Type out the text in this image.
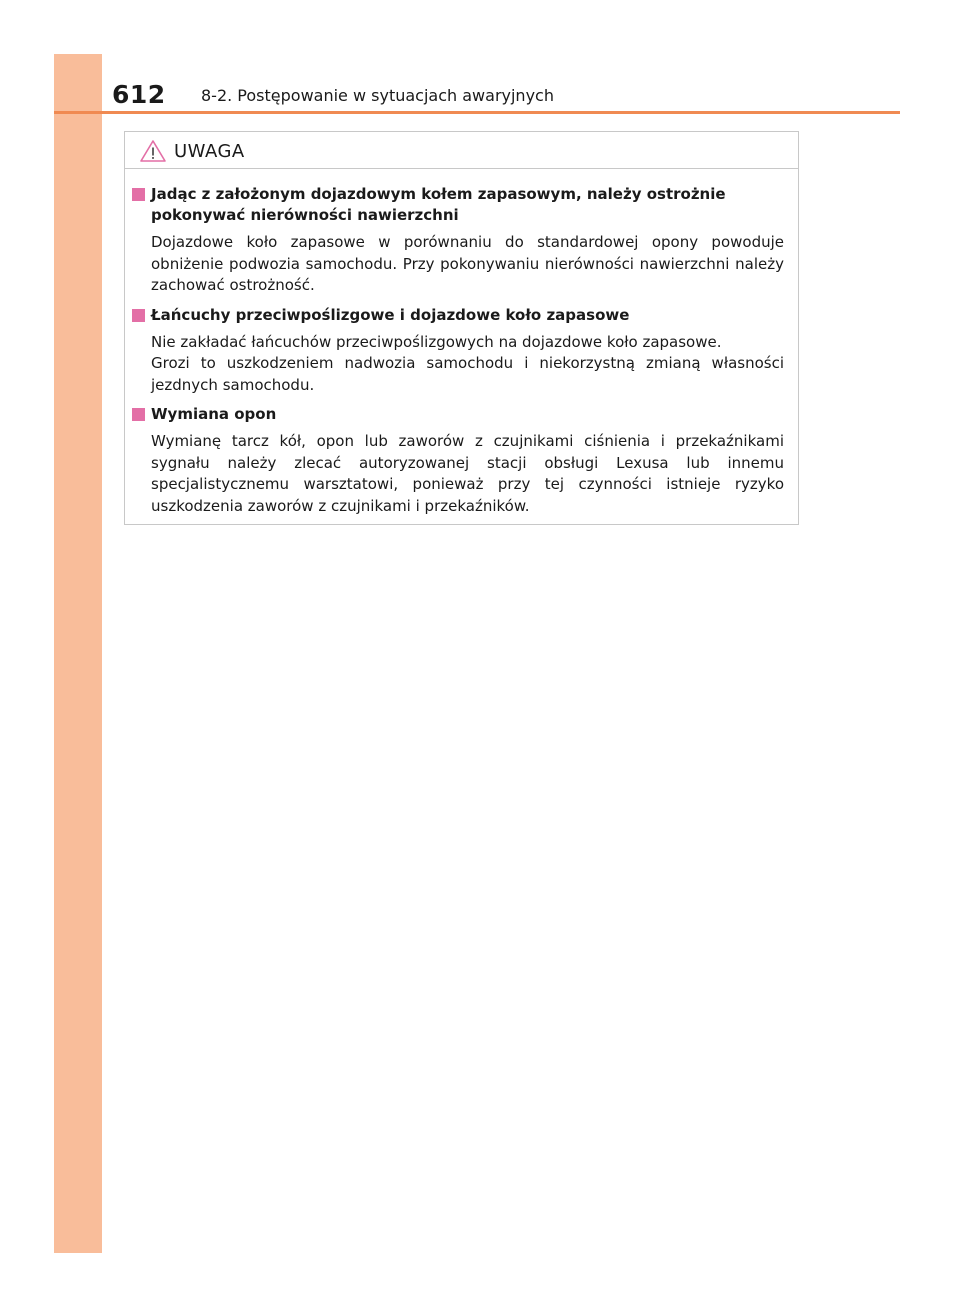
612 8-2. Postępowanie w sytuacjach awaryjnych
UWAGA
Jadąc z założonym dojazdowym kołem zapasowym, należy ostrożnie pokonywać nierówności nawierzchni

Dojazdowe koło zapasowe w porównaniu do standardowej opony powoduje obniżenie podwozia samochodu. Przy pokonywaniu nierówności nawierzchni należy zachować ostrożność.

Łańcuchy przeciwpoślizgowe i dojazdowe koło zapasowe

Nie zakładać łańcuchów przeciwpoślizgowych na dojazdowe koło zapasowe.

Grozi to uszkodzeniem nadwozia samochodu i niekorzystną zmianą własności jezdnych samochodu.

Wymiana opon

Wymianę tarcz kół, opon lub zaworów z czujnikami ciśnienia i przekaźnikami sygnału należy zlecać autoryzowanej stacji obsługi Lexusa lub innemu specjalistycznemu warsztatowi, ponieważ przy tej czynności istnieje ryzyko uszkodzenia zaworów z czujnikami i przekaźników.
